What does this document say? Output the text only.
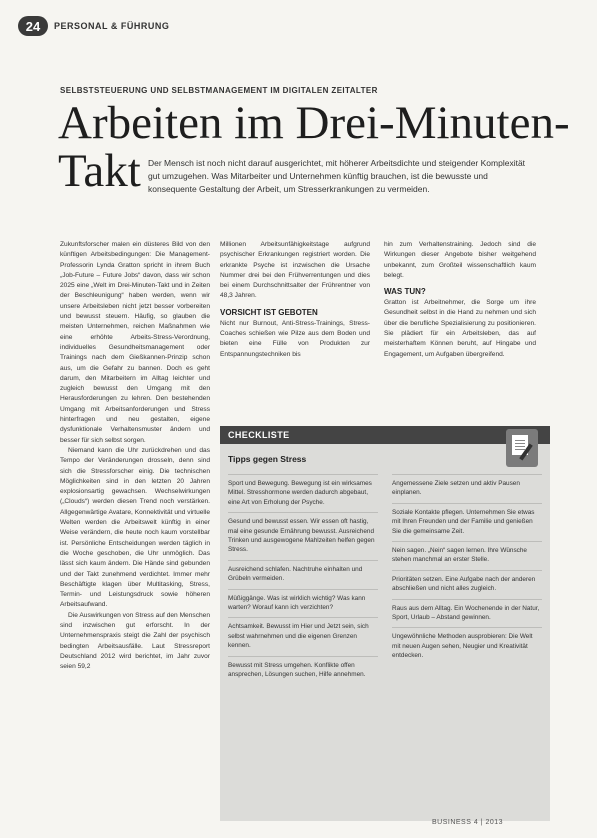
24	PERSONAL & FÜHRUNG
SELBSTSTEUERUNG UND SELBSTMANAGEMENT IM DIGITALEN ZEITALTER
Arbeiten im Drei-Minuten-
Takt Der Mensch ist noch nicht darauf ausgerichtet, mit höherer Arbeitsdichte und steigender Komplexität gut umzugehen. Was Mitarbeiter und Unternehmen künftig brauchen, ist die bewusste und konsequente Gestaltung der Arbeit, um Stresserkrankungen zu vermeiden.

Zukunftsforscher malen ein düsteres Bild von den künftigen Arbeitsbedingungen: Die Management-Professorin Lynda Gratton spricht in ihrem Buch „Job-Future – Future Jobs“ davon, dass wir schon 2025 eine „Welt im Drei-Minuten-Takt und in Zeiten der Beschleunigung“ haben werden, wenn wir unsere Arbeitsleben nicht jetzt besser vorbereiten und bewusst steuern. Häufig, so glauben die meisten Unternehmen, reichen Maßnahmen wie eine erhöhte Arbeits-Stress-Verordnung, individuelles Gesundheitsmanagement oder Trainings nach dem Gießkannen-Prinzip schon aus, um die Gefahr zu bannen. Doch es geht darum, den Mitarbeitern im Alltag leichter und zugleich bewusst den Umgang mit den Herausforderungen zu lehren. Den bestehenden Umgang mit Arbeitsanforderungen und Stress hinterfragen und neu gestalten, eigene dysfunktionale Verhaltensmuster ändern und besser für sich selbst sorgen.

Niemand kann die Uhr zurückdrehen und das Tempo der Veränderungen drosseln, denn sind sich die Stressforscher einig. Die technischen Möglichkeiten sind in den letzten 20 Jahren explosionsartig gewachsen. Wechselwirkungen („Clouds“) werden diesen Trend noch verstärken. Allgegenwärtige Avatare, Konnektivität und virtuelle Welten werden die Arbeitswelt künftig in einer Weise verändern, die heute noch kaum vorstellbar ist. Persönliche Entscheidungen werden täglich in die Woche geschoben, die Uhr unmöglich. Das lässt sich kaum ändern. Die Hände sind gebunden und der Takt zunehmend verdichtet. Immer mehr Beschäftigte klagen über Multitasking, Stress, Termin- und Leistungsdruck sowie höheren Arbeitsaufwand.

Die Auswirkungen von Stress auf den Menschen sind inzwischen gut erforscht. In der Unternehmenspraxis steigt die Zahl der psychisch bedingten Arbeitsausfälle. Laut Stressreport Deutschland 2012 wird berichtet, im Jahr zuvor seien 59,2

Millionen Arbeitsunfähigkeitstage aufgrund psychischer Erkrankungen registriert worden. Die erkrankte Psyche ist inzwischen die Ursache Nummer drei bei den Frühverrentungen und dies bei einem Durchschnittsalter der Frührentner von 48,3 Jahren.

VORSICHT IST GEBOTEN

Nicht nur Burnout, Anti-Stress-Trainings, Stress-Coaches schießen wie Pilze aus dem Boden und bieten eine Fülle von Produkten zur Entspannungstechniken bis

hin zum Verhaltenstraining. Jedoch sind die Wirkungen dieser Angebote bisher weitgehend unbekannt, zum Großteil wissenschaftlich kaum belegt.

WAS TUN?

Gratton ist Arbeitnehmer, die Sorge um ihre Gesundheit selbst in die Hand zu nehmen und sich über die berufliche Spezialisierung zu positionieren. Sie plädiert für ein Arbeitsleben, das auf meisterhaftem Können beruht, auf Hingabe und Engagement, um Aufgaben übergreifend.

CHECKLISTE
Tipps gegen Stress
Sport und Bewegung. Bewegung ist ein wirksames Mittel. Stresshormone werden dadurch abgebaut, eine Art von Erholung der Psyche.
Gesund und bewusst essen. Wir essen oft hastig, mal eine gesunde Ernährung bewusst. Ausreichend Trinken und ausgewogene Mahlzeiten helfen gegen Stress.
Ausreichend schlafen. Nachtruhe einhalten und Grübeln vermeiden.
Müßiggänge. Was ist wirklich wichtig? Was kann warten? Worauf kann ich verzichten?
Achtsamkeit. Bewusst im Hier und Jetzt sein, sich selbst wahrnehmen und die eigenen Grenzen kennen.
Bewusst mit Stress umgehen. Konflikte offen ansprechen, Lösungen suchen, Hilfe annehmen.
Angemessene Ziele setzen und aktiv Pausen einplanen.
Soziale Kontakte pflegen. Unternehmen Sie etwas mit Ihren Freunden und der Familie und genießen Sie die gemeinsame Zeit.
Nein sagen. „Nein“ sagen lernen. Ihre Wünsche stehen manchmal an erster Stelle.
Prioritäten setzen. Eine Aufgabe nach der anderen abschließen und nicht alles zugleich.
Raus aus dem Alltag. Ein Wochenende in der Natur, Sport, Urlaub – Abstand gewinnen.
Ungewöhnliche Methoden ausprobieren: Die Welt mit neuen Augen sehen, Neugier und Kreativität entdecken.
BUSINESS 4 | 2013
